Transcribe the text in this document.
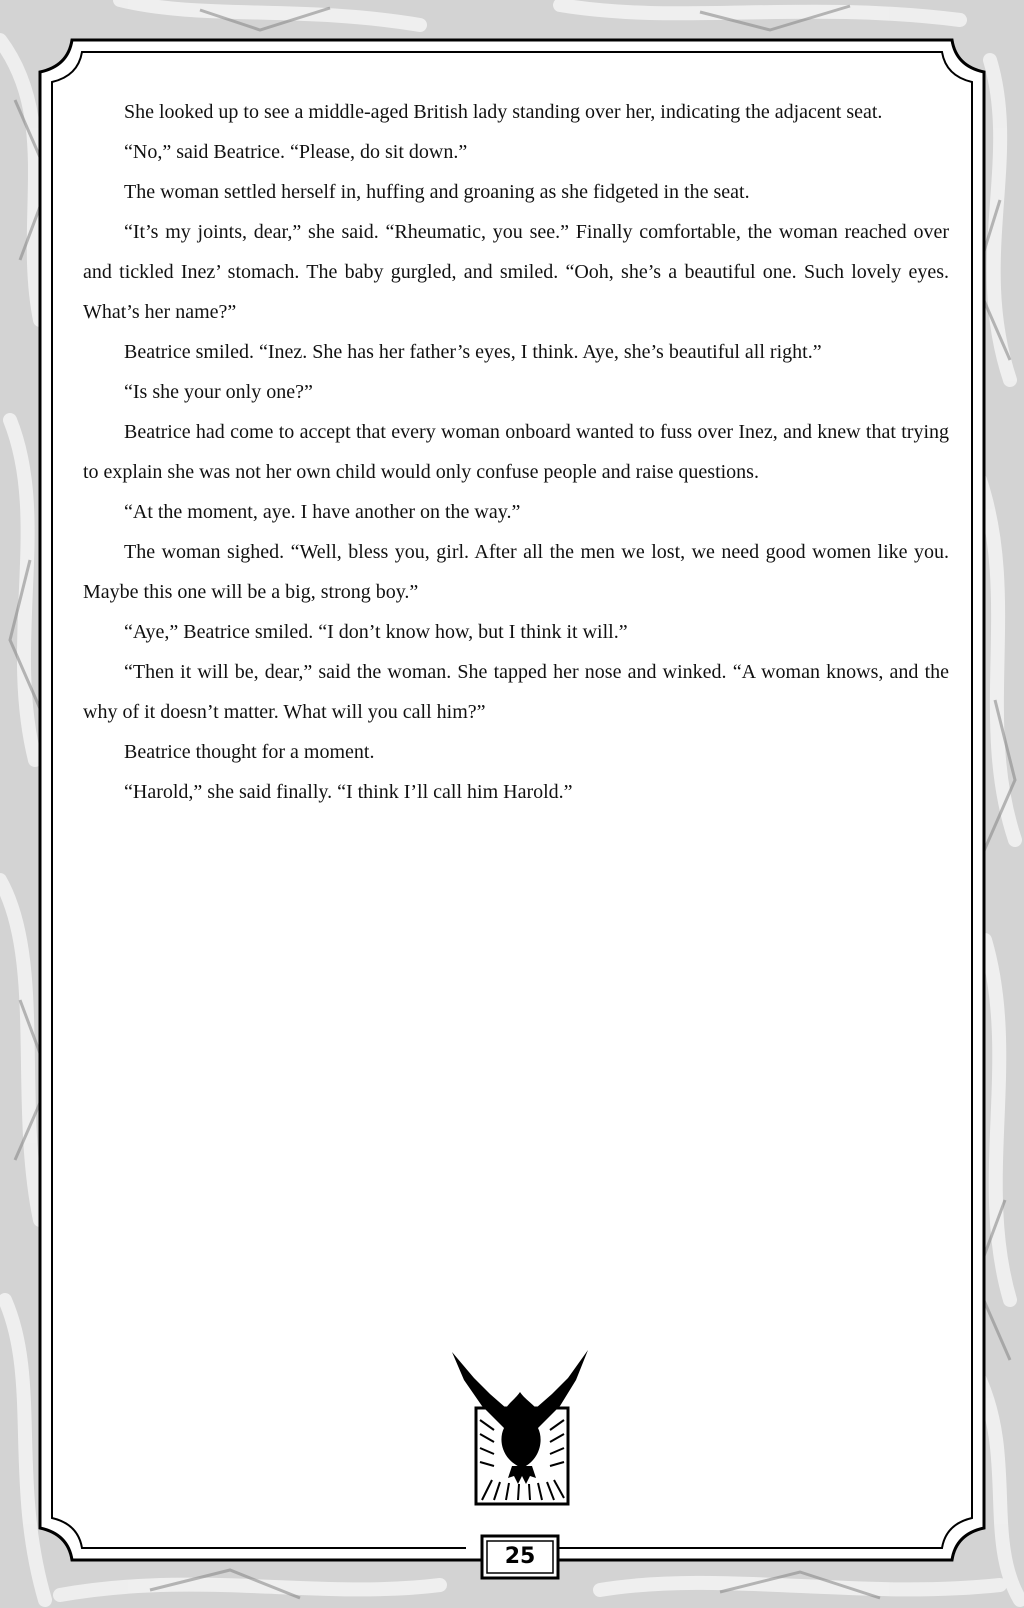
She looked up to see a middle-aged British lady standing over her, indicating the adjacent seat.

“No,” said Beatrice. “Please, do sit down.”

The woman settled herself in, huffing and groaning as she fidgeted in the seat.

“It’s my joints, dear,” she said. “Rheumatic, you see.” Finally comfortable, the woman reached over and tickled Inez’ stomach. The baby gurgled, and smiled. “Ooh, she’s a beautiful one. Such lovely eyes. What’s her name?”

Beatrice smiled. “Inez. She has her father’s eyes, I think. Aye, she’s beautiful all right.”

“Is she your only one?”

Beatrice had come to accept that every woman onboard wanted to fuss over Inez, and knew that trying to explain she was not her own child would only confuse people and raise questions.

“At the moment, aye. I have another on the way.”

The woman sighed. “Well, bless you, girl. After all the men we lost, we need good women like you. Maybe this one will be a big, strong boy.”

“Aye,” Beatrice smiled. “I don’t know how, but I think it will.”

“Then it will be, dear,” said the woman. She tapped her nose and winked. “A woman knows, and the why of it doesn’t matter. What will you call him?”

Beatrice thought for a moment.

“Harold,” she said finally. “I think I’ll call him Harold.”

25
